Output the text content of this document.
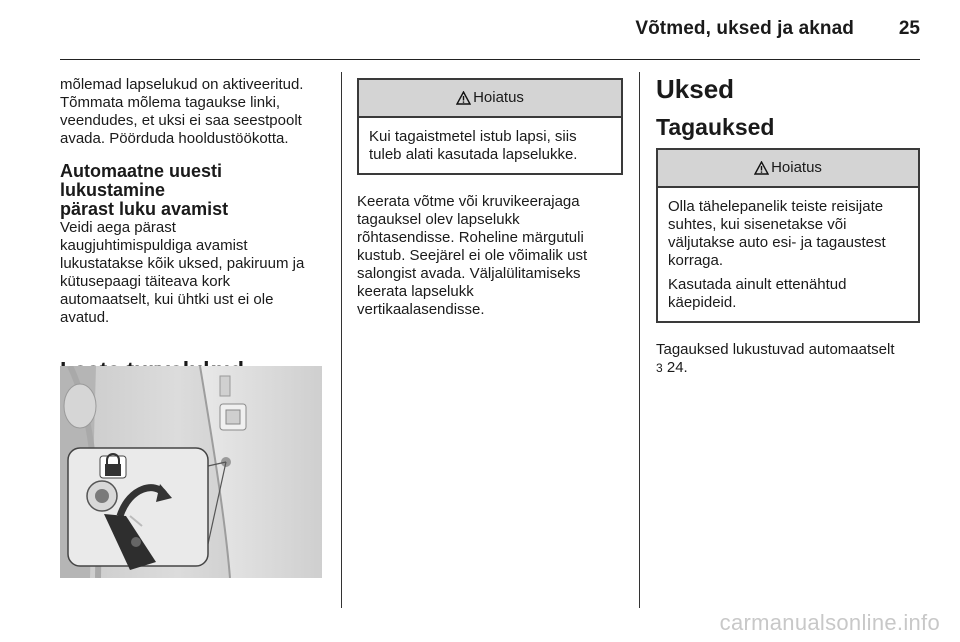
Võtmed, uksed ja aknad 25

mõlemad lapselukud on aktiveeritud.
Tõmmata mõlema tagaukse linki,
veendudes, et uksi ei saa seestpoolt
avada. Pöörduda hooldustöökotta.

Automaatne uuesti lukustamine
pärast luku avamist

Veidi aega pärast
kaugjuhtimispuldiga avamist
lukustatakse kõik uksed, pakiruum ja
kütusepaagi täiteava kork
automaatselt, kui ühtki ust ei ole
avatud.

Hoiatus

Kui tagaistmetel istub lapsi, siis
tuleb alati kasutada lapselukke.

Keerata võtme või kruvikeerajaga
tagauksel olev lapselukk
rõhtasendisse. Roheline märgutuli
kustub. Seejärel ei ole võimalik ust
salongist avada. Väljalülitamiseks
keerata lapselukk
vertikaalasendisse.

Uksed

Tagauksed

Hoiatus

Olla tähelepanelik teiste reisijate
suhtes, kui sisenetakse või
väljutakse auto esi- ja tagaustest
korraga.

Kasutada ainult ettenähtud
käepideid.

Tagauksed lukustuvad automaatselt
3 24.

carmanualsonline.info
